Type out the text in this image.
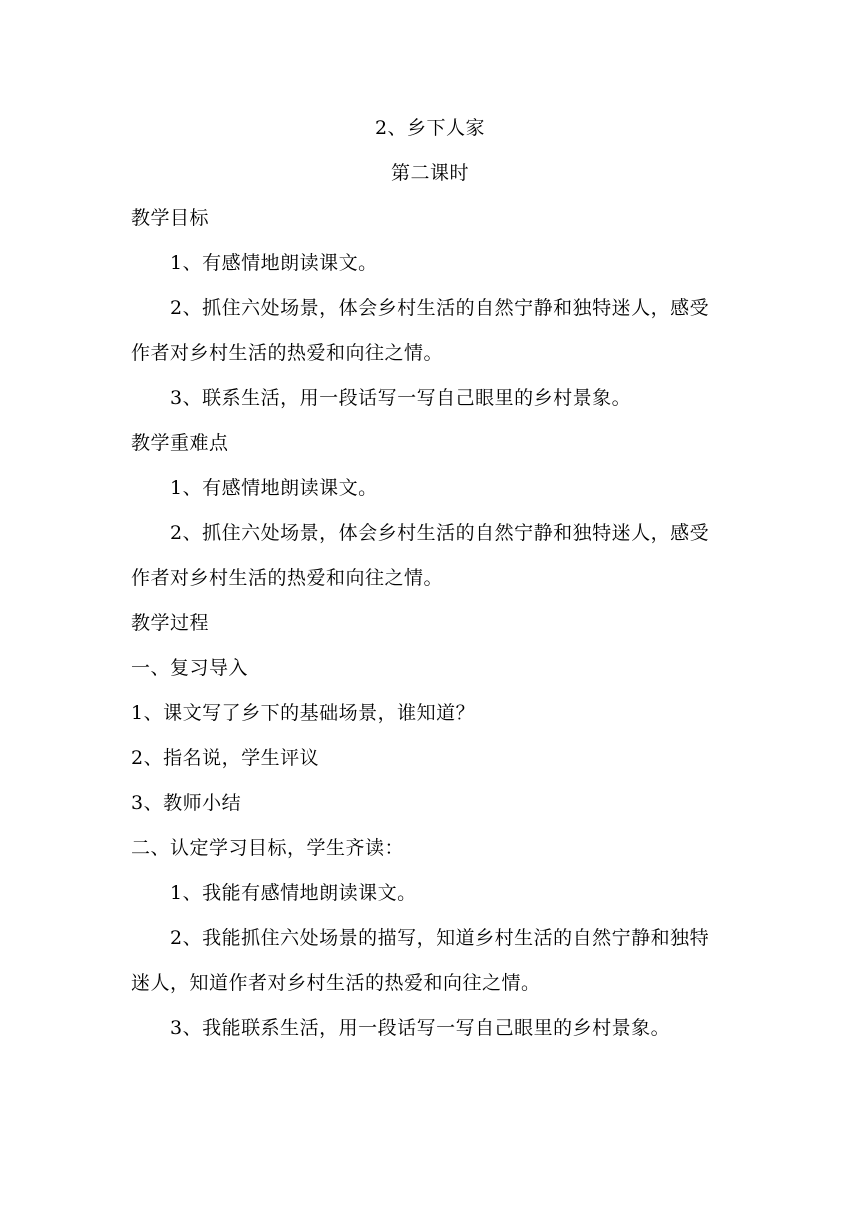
2、乡下人家
第二课时
教学目标
1、有感情地朗读课文。
2、抓住六处场景，体会乡村生活的自然宁静和独特迷人，感受
作者对乡村生活的热爱和向往之情。
3、联系生活，用一段话写一写自己眼里的乡村景象。
教学重难点
1、有感情地朗读课文。
2、抓住六处场景，体会乡村生活的自然宁静和独特迷人，感受
作者对乡村生活的热爱和向往之情。
教学过程
一、复习导入
1、课文写了乡下的基础场景，谁知道？
2、指名说，学生评议
3、教师小结
二、认定学习目标，学生齐读：
1、我能有感情地朗读课文。
2、我能抓住六处场景的描写，知道乡村生活的自然宁静和独特
迷人，知道作者对乡村生活的热爱和向往之情。
3、我能联系生活，用一段话写一写自己眼里的乡村景象。
